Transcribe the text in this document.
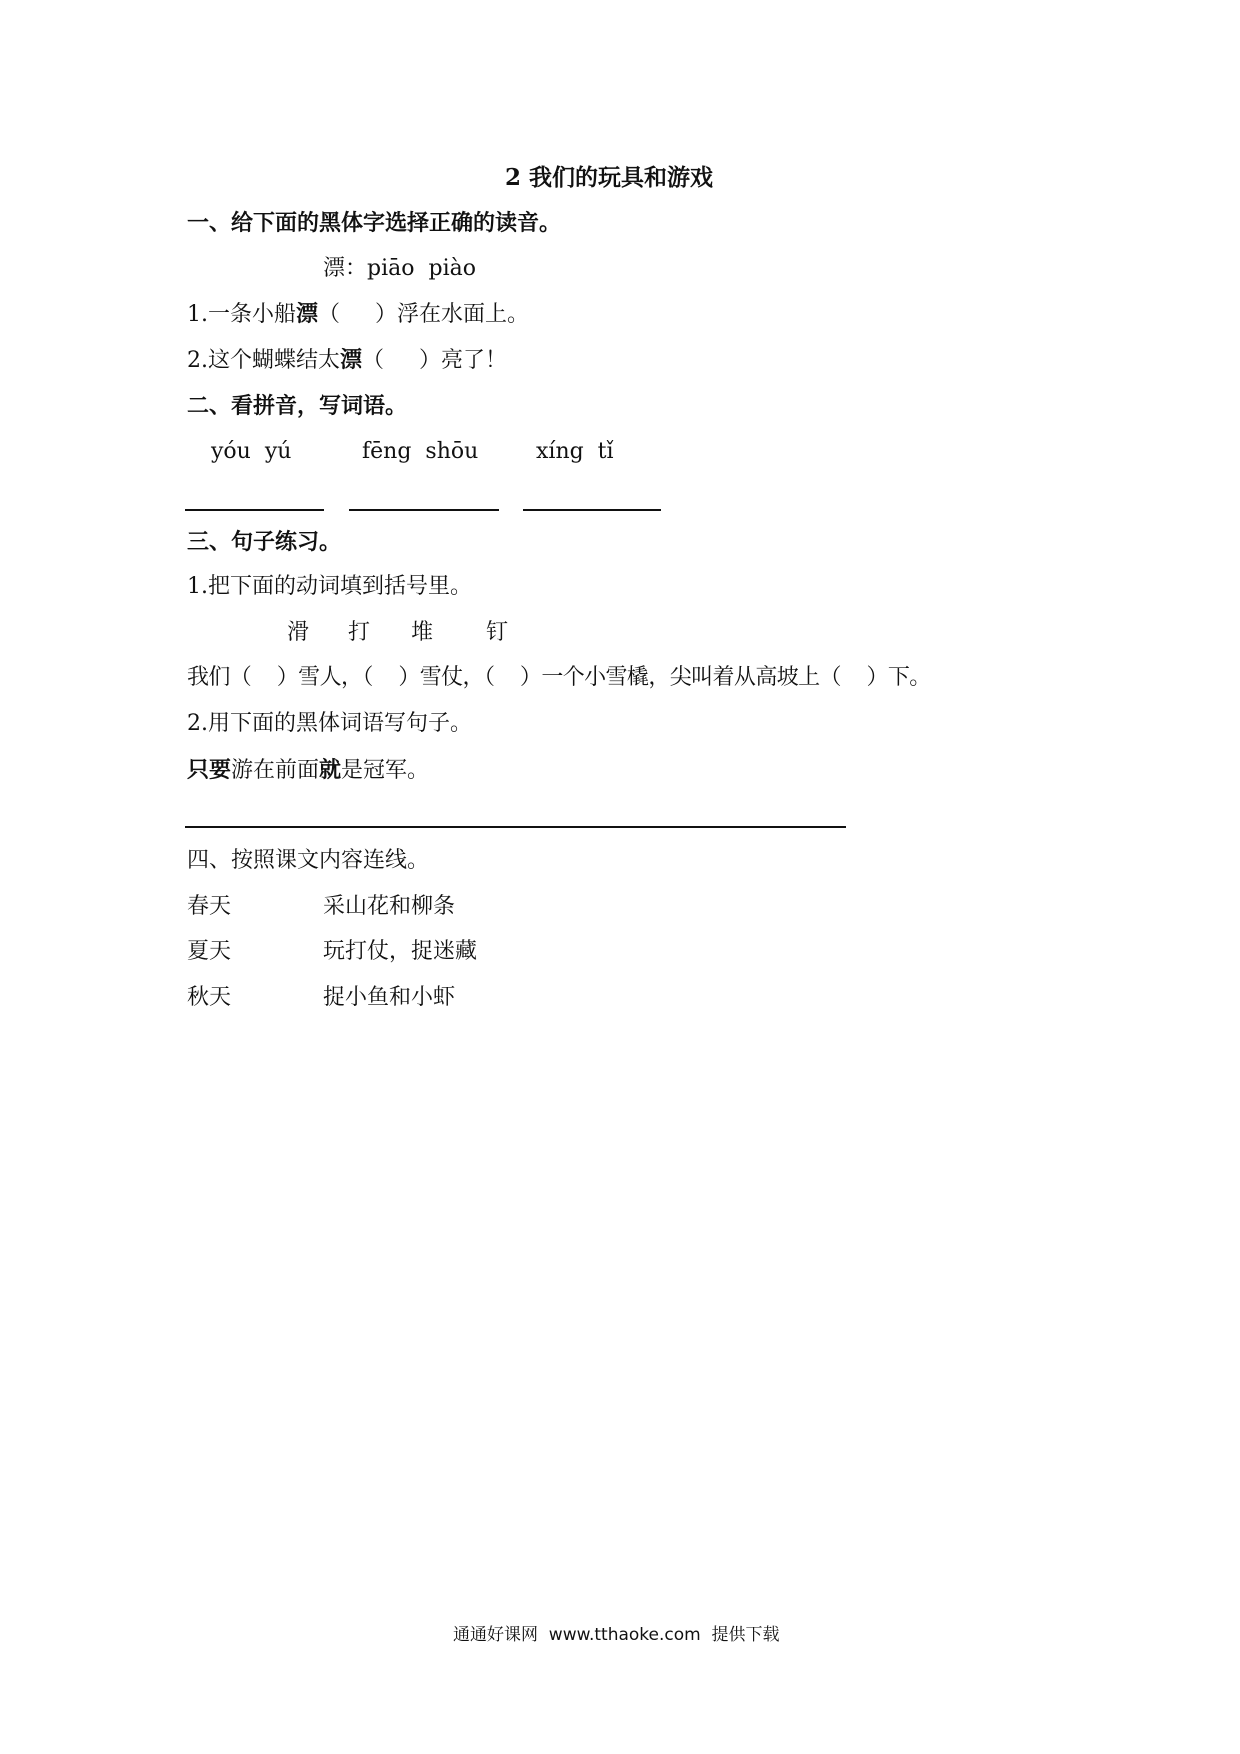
2 我们的玩具和游戏
一、给下面的黑体字选择正确的读音。
漂：piāo  piào
1.一条小船漂（     ）浮在水面上。
2.这个蝴蝶结太漂（     ）亮了！
二、看拼音，写词语。
yóu  yú	fēng  shōu	xíng  tǐ
三、句子练习。
1.把下面的动词填到括号里。
滑 打 堆 钉
我们（    ）雪人，（    ）雪仗，（    ）一个小雪橇，尖叫着从高坡上（    ）下。
2.用下面的黑体词语写句子。
只要游在前面就是冠军。
四、按照课文内容连线。
春天	采山花和柳条
夏天	玩打仗，捉迷藏
秋天	捉小鱼和小虾
通通好课网  www.tthaoke.com  提供下载
